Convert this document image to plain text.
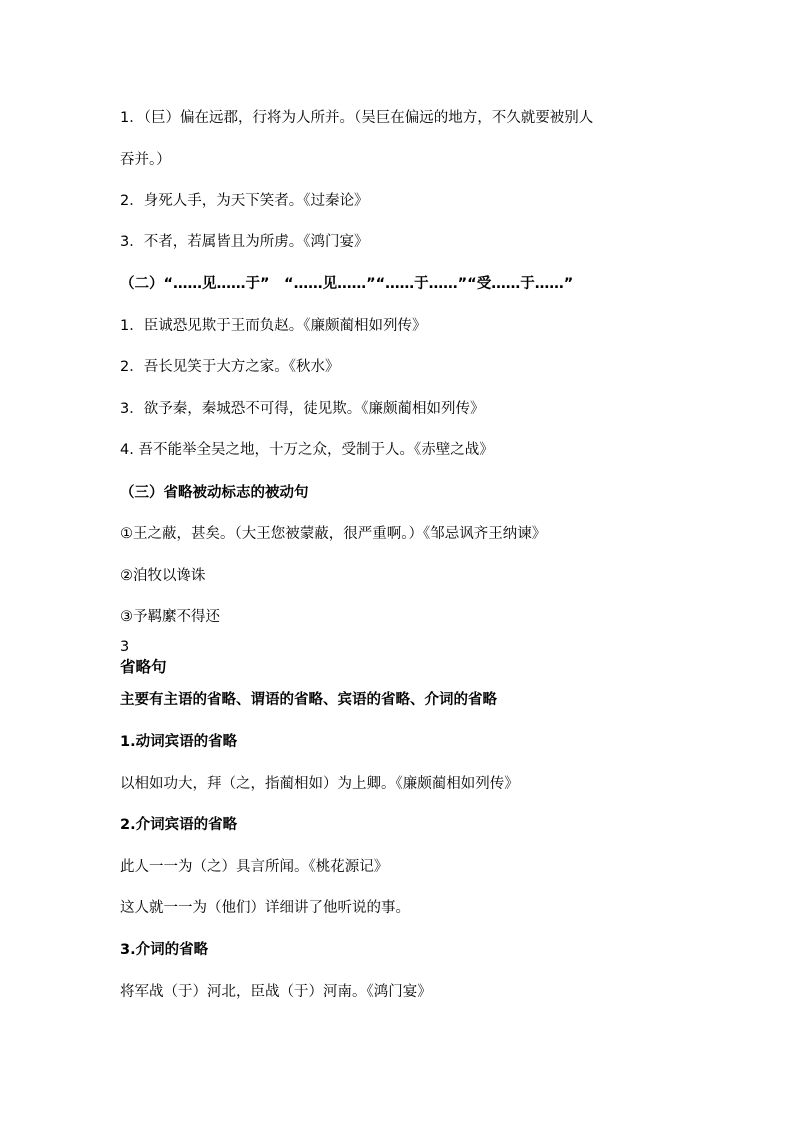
1．（巨）偏在远郡，行将为人所并。（吴巨在偏远的地方，不久就要被别人
吞并。）
2．身死人手，为天下笑者。《过秦论》
3．不者，若属皆且为所虏。《鸿门宴》
（二）“……见……于”　“……见……”“……于……”“受……于……”
1．臣诚恐见欺于王而负赵。《廉颇蔺相如列传》
2．吾长见笑于大方之家。《秋水》
3．欲予秦，秦城恐不可得，徒见欺。《廉颇蔺相如列传》
4. 吾不能举全吴之地，十万之众，受制于人。《赤壁之战》
（三）省略被动标志的被动句
①王之蔽，甚矣。（大王您被蒙蔽，很严重啊。）《邹忌讽齐王纳谏》
②洎牧以谗诛
③予羁縻不得还
3
省略句
主要有主语的省略、谓语的省略、宾语的省略、介词的省略
1.动词宾语的省略
以相如功大，拜（之，指蔺相如）为上卿。《廉颇蔺相如列传》
2.介词宾语的省略
此人一一为（之）具言所闻。《桃花源记》
这人就一一为（他们）详细讲了他听说的事。
3.介词的省略
将军战（于）河北，臣战（于）河南。《鸿门宴》
